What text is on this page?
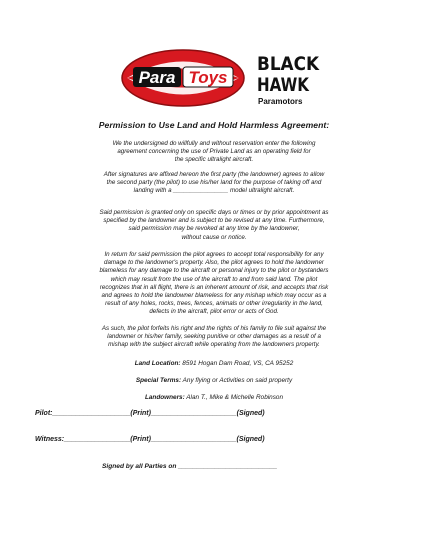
Para Toys
BLACK
HAWK
Paramotors
Permission to Use Land and Hold Harmless Agreement:
We the undersigned do willfully and without reservation enter the following
agreement concerning the use of Private Land as an operating field for
the specific ultralight aircraft.
After signatures are affixed hereon the first party (the landowner) agrees to allow
the second party (the pilot) to use his/her land for the purpose of taking off and
landing with a ________________ model ultralight aircraft.
Said permission is granted only on specific days or times or by prior appointment as
specified by the landowner and is subject to be revised at any time. Furthermore,
said permission may be revoked at any time by the landowner,
without cause or notice.
In return for said permission the pilot agrees to accept total responsibility for any
damage to the landowner's property. Also, the pilot agrees to hold the landowner
blameless for any damage to the aircraft or personal injury to the pilot or bystanders
which may result from the use of the aircraft to and from said land. The pilot
recognizes that in all flight, there is an inherent amount of risk, and accepts that risk
and agrees to hold the landowner blameless for any mishap which may occur as a
result of any holes, rocks, trees, fences, animals or other irregularity in the land,
defects in the aircraft, pilot error or acts of God.
As such, the pilot forfeits his right and the rights of his family to file suit against the
landowner or his/her family, seeking punitive or other damages as a result of a
mishap with the subject aircraft while operating from the landowners property.
Land Location: 8591 Hogan Dam Road, VS, CA 95252
Special Terms: Any flying or Activities on said property
Landowners: Alan T., Mike & Michelle Robinson
Pilot:____________________(Print)______________________(Signed)
Witness:_________________(Print)______________________(Signed)
Signed by all Parties on ___________________________
